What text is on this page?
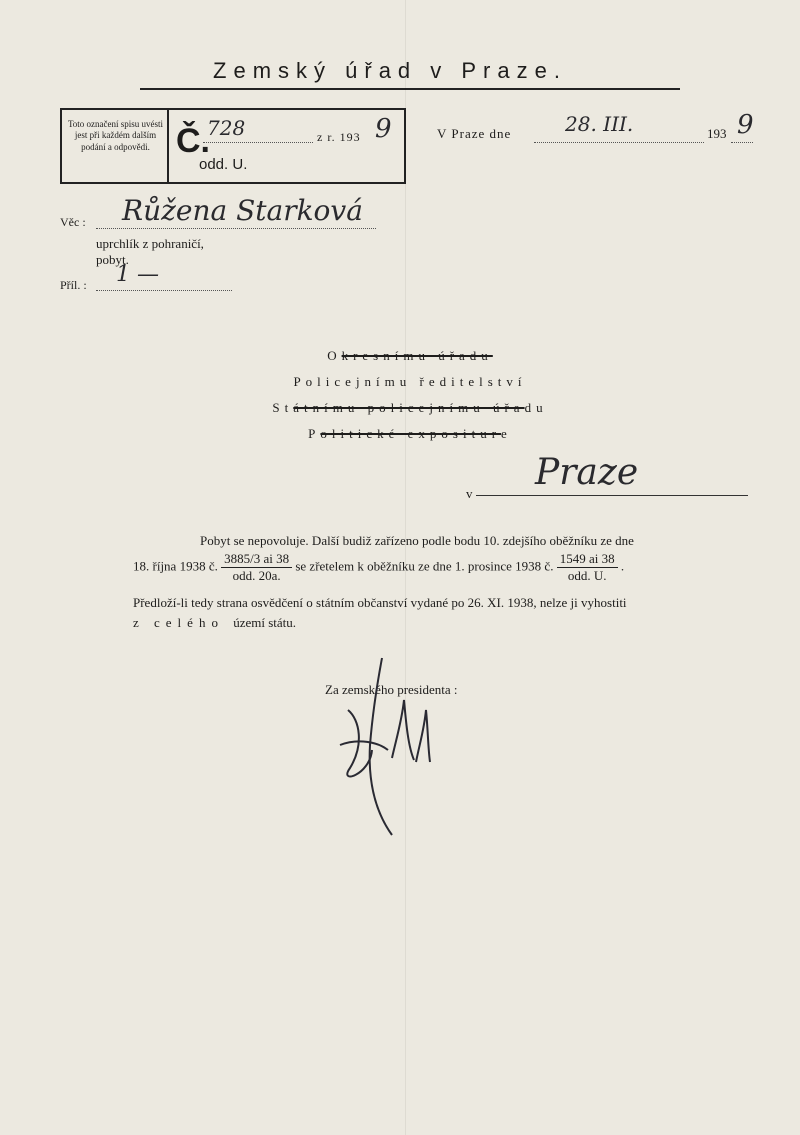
Zemský úřad v Praze.
Toto označení spisu uvésti jest při každém dalším podání a odpovědi. Č.
728	z r. 193 9
odd. U.
V Praze dne	28. III.	193 9
Věc : Růžena Starková
uprchlík z pohraničí,
pobyt.
Příl. : 1 —
Okresnímu úřadu
Policejnímu ředitelství
Státnímu policejnímu úřadu
Politické expositure
v
Praze
Pobyt se nepovoluje. Další budiž zařízeno podle bodu 10. zdejšího oběžníku ze dne
18. října 1938 č. $\frac{3885/3 ai 38}{\text{odd. 20a.}}$ se zřetelem k oběžníku ze dne 1. prosince 1938 č. $\frac{1549 ai 38}{\text{odd. U.}}$ .
Předloží-li tedy strana osvědčení o státním občanství vydané po 26. XI. 1938, nelze ji vyhostiti
z celého území státu.
Za zemského presidenta :
